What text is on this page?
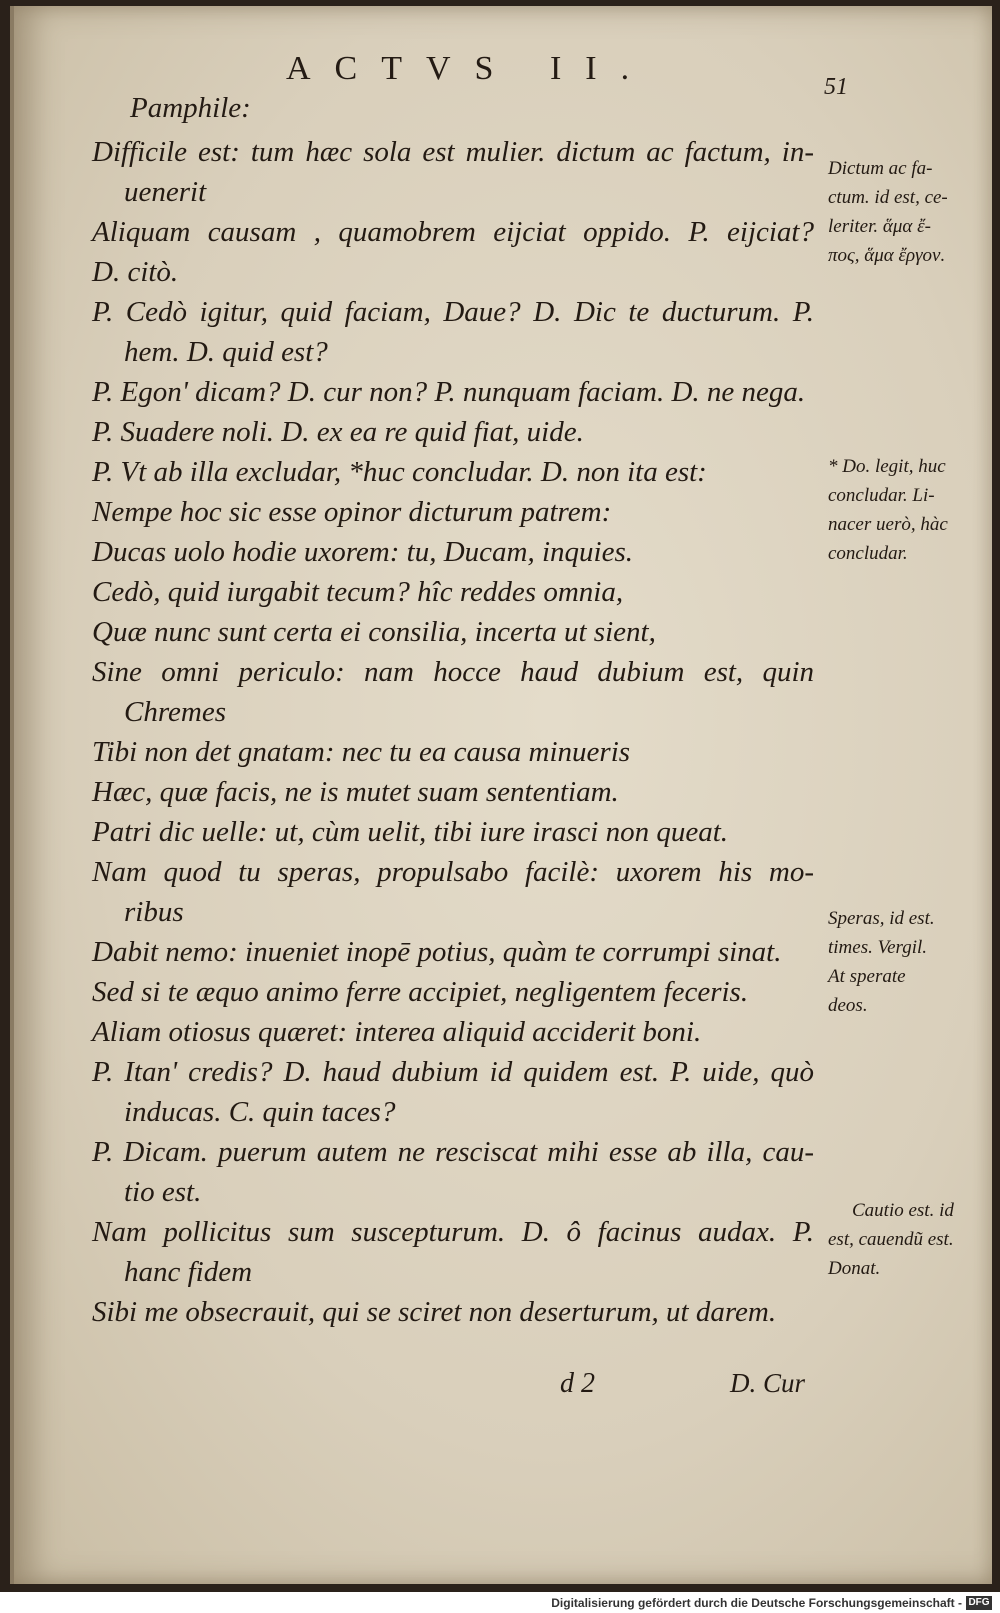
ACTVS II.	51
Pamphile:
Difficile est: tum hæc sola est mulier. dictum ac factum, in-
uenerit
Aliquam causam , quamobrem eijciat oppido. P. eijciat?
D. citò.
P. Cedò igitur, quid faciam, Daue? D. Dic te ducturum. P.
hem. D. quid est?
P. Egon' dicam? D. cur non? P. nunquam faciam. D. ne nega.
P. Suadere noli. D. ex ea re quid fiat, uide.
P. Vt ab illa excludar, *huc concludar. D. non ita est:
Nempe hoc sic esse opinor dicturum patrem:
Ducas uolo hodie uxorem: tu, Ducam, inquies.
Cedò, quid iurgabit tecum? hîc reddes omnia,
Quæ nunc sunt certa ei consilia, incerta ut sient,
Sine omni periculo: nam hocce haud dubium est, quin
Chremes
Tibi non det gnatam: nec tu ea causa minueris
Hæc, quæ facis, ne is mutet suam sententiam.
Patri dic uelle: ut, cùm uelit, tibi iure irasci non queat.
Nam quod tu speras, propulsabo facilè: uxorem his mo-
ribus
Dabit nemo: inueniet inopē potius, quàm te corrumpi sinat.
Sed si te æquo animo ferre accipiet, negligentem feceris.
Aliam otiosus quæret: interea aliquid acciderit boni.
P. Itan' credis? D. haud dubium id quidem est. P. uide, quò
inducas. C. quin taces?
P. Dicam. puerum autem ne resciscat mihi esse ab illa, cau-
tio est.
Nam pollicitus sum suscepturum. D. ô facinus audax. P.
hanc fidem
Sibi me obsecrauit, qui se sciret non deserturum, ut darem.
Dictum ac fa-
ctum. id est, ce-
leriter. ἅμα ἔ-
πος, ἅμα ἔργον.
* Do. legit, huc
concludar. Li-
nacer uerò, hàc
concludar.
Speras, id est.
times. Vergil.
At sperate
deos.
Cautio est. id
est, cauendũ est.
Donat.
d 2	D. Cur
Digitalisierung gefördert durch die Deutsche Forschungsgemeinschaft - DFG
